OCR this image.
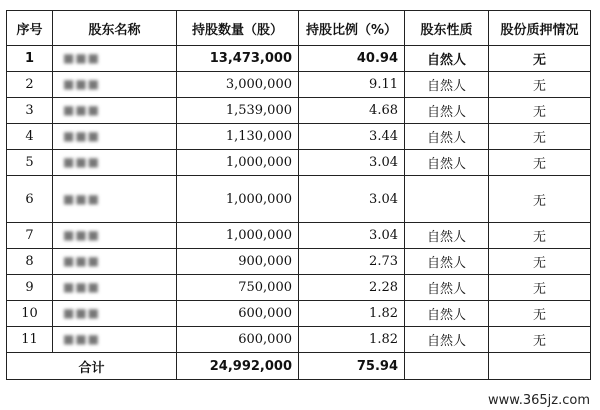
序号	股东名称	持股数量（股）	持股比例（%）	股东性质	股份质押情况
1	■■■	13,473,000	40.94	自然人	无
2	■■■	3,000,000	9.11	自然人	无
3	■■■	1,539,000	4.68	自然人	无
4	■■■	1,130,000	3.44	自然人	无
5	■■■	1,000,000	3.04	自然人	无
6	■■■	1,000,000	3.04		无
7	■■■	1,000,000	3.04	自然人	无
8	■■■	900,000	2.73	自然人	无
9	■■■	750,000	2.28	自然人	无
10	■■■	600,000	1.82	自然人	无
11	■■■	600,000	1.82	自然人	无
合计		24,992,000	75.94		
www.365jz.com
